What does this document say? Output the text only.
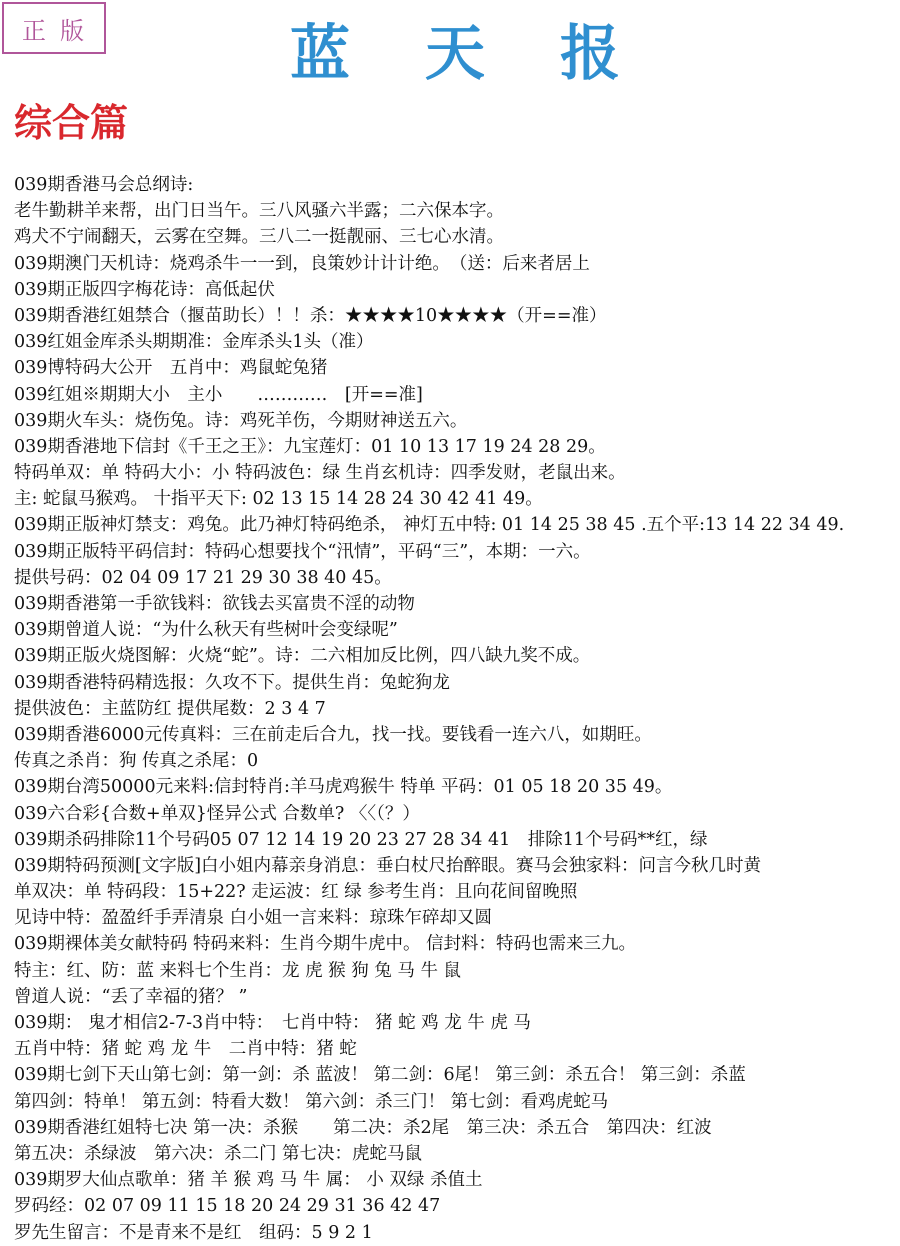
正版	蓝 天 报
综合篇
039期香港马会总纲诗:
老牛勤耕羊来帮，出门日当午。三八风骚六半露；二六保本字。
鸡犬不宁闹翻天，云雾在空舞。三八二一挺靓丽、三七心水清。
039期澳门天机诗：烧鸡杀牛一一到，良策妙计计计绝。　（送：后来者居上
039期正版四字梅花诗：高低起伏
039期香港红姐禁合（揠苗助长）！！杀：★★★★10★★★★（开==准）
039红姐金库杀头期期准：金库杀头1头（准）
039博特码大公开　五肖中：鸡鼠蛇兔猪
039红姐※期期大小　主小　　…………　[开==准]
039期火车头：烧伤兔。诗：鸡死羊伤，今期财神送五六。
039期香港地下信封《千王之王》：九宝莲灯：01 10 13 17 19 24 28 29。
特码单双：单 特码大小：小 特码波色：绿 生肖玄机诗：四季发财，老鼠出来。
主: 蛇鼠马猴鸡。 十指平天下: 02 13 15 14 28 24 30 42 41 49。
039期正版神灯禁支：鸡兔。此乃神灯特码绝杀， 神灯五中特: 01 14 25 38 45 .五个平:13 14 22 34 49.
039期正版特平码信封：特码心想要找个“汛情”，平码“三”，本期：一六。
提供号码：02 04 09 17 21 29 30 38 40 45。
039期香港第一手欲钱料：欲钱去买富贵不淫的动物
039期曾道人说：“为什么秋天有些树叶会变绿呢”
039期正版火烧图解：火烧“蛇”。诗：二六相加反比例，四八缺九奖不成。
039期香港特码精选报：久攻不下。提供生肖：兔蛇狗龙
提供波色：主蓝防红 提供尾数：2 3 4 7
039期香港6000元传真料：三在前走后合九，找一找。要钱看一连六八，如期旺。
传真之杀肖：狗 传真之杀尾：0
039期台湾50000元来料:信封特肖:羊马虎鸡猴牛 特单 平码：01 05 18 20 35 49。
039六合彩{合数+单双}怪异公式 合数单? 〈〈（？）
039期杀码排除11个号码05 07 12 14 19 20 23 27 28 34 41　排除11个号码**红，绿
039期特码预测[文字版]白小姐内幕亲身消息：垂白杖尺抬醉眼。赛马会独家料：问言今秋几时黄
单双决：单 特码段：15+22? 走运波：红 绿 参考生肖：且向花间留晚照
见诗中特：盈盈纤手弄清泉 白小姐一言来料：琼珠乍碎却又圆
039期裸体美女献特码 特码来料：生肖今期牛虎中。 信封料：特码也需来三九。
特主：红、防：蓝 来料七个生肖：龙 虎 猴 狗 兔 马 牛 鼠
曾道人说：“丢了幸福的猪？ ”
039期： 鬼才相信2-7-3肖中特：　七肖中特： 猪 蛇 鸡 龙 牛 虎 马
五肖中特：猪 蛇 鸡 龙 牛　二肖中特：猪 蛇
039期七剑下天山第七剑：第一剑：杀 蓝波！ 第二剑：6尾！ 第三剑：杀五合！ 第三剑：杀蓝
第四剑：特单！ 第五剑：特看大数！ 第六剑：杀三门！ 第七剑：看鸡虎蛇马
039期香港红姐特七决 第一决：杀猴　　第二决：杀2尾　第三决：杀五合　第四决：红波
第五决：杀绿波　第六决：杀二门 第七决：虎蛇马鼠
039期罗大仙点歌单：猪 羊 猴 鸡 马 牛 属： 小 双绿 杀值土
罗码经：02 07 09 11 15 18 20 24 29 31 36 42 47
罗先生留言：不是青来不是红　组码：5 9 2 1
